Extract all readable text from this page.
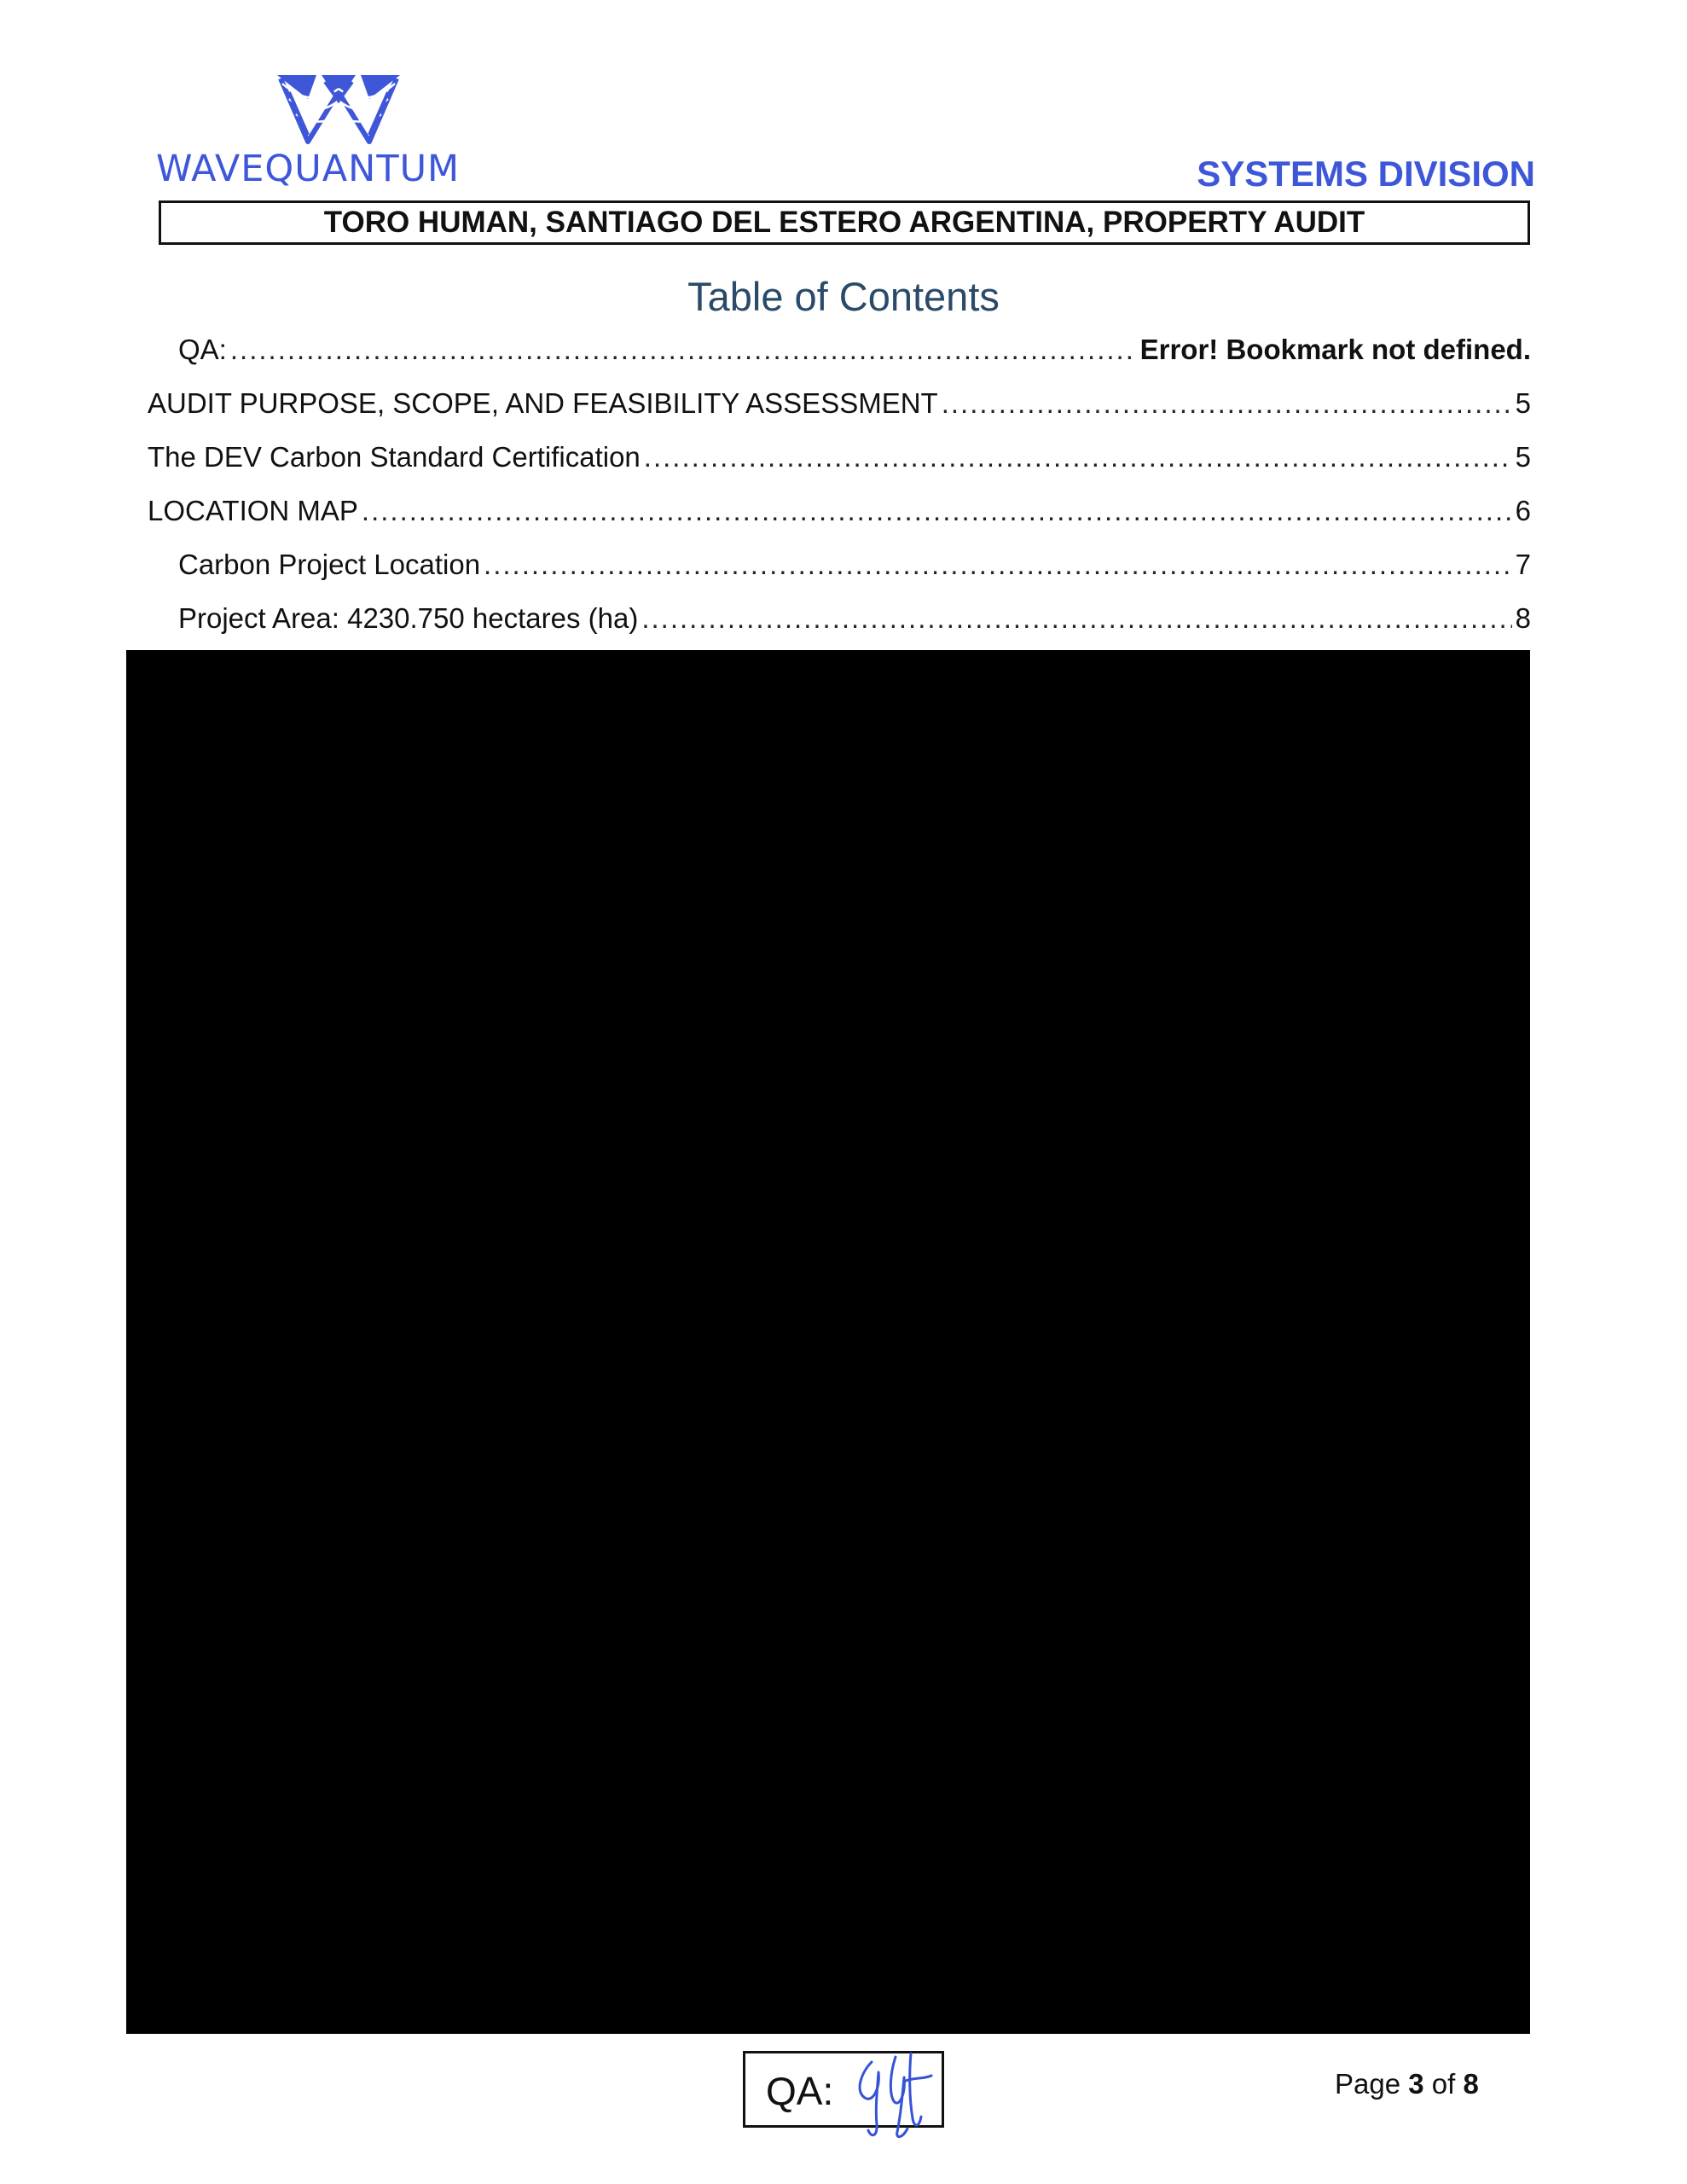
WAVEQUANTUM	SYSTEMS DIVISION
TORO HUMAN, SANTIAGO DEL ESTERO ARGENTINA, PROPERTY AUDIT
Table of Contents
QA: .....	Error! Bookmark not defined.
AUDIT PURPOSE, SCOPE, AND FEASIBILITY ASSESSMENT .....	5
The DEV Carbon Standard Certification .....	5
LOCATION MAP .....	6
Carbon Project Location .....	7
Project Area: 4230.750 hectares (ha) .....	8
QA:	Page 3 of 8
